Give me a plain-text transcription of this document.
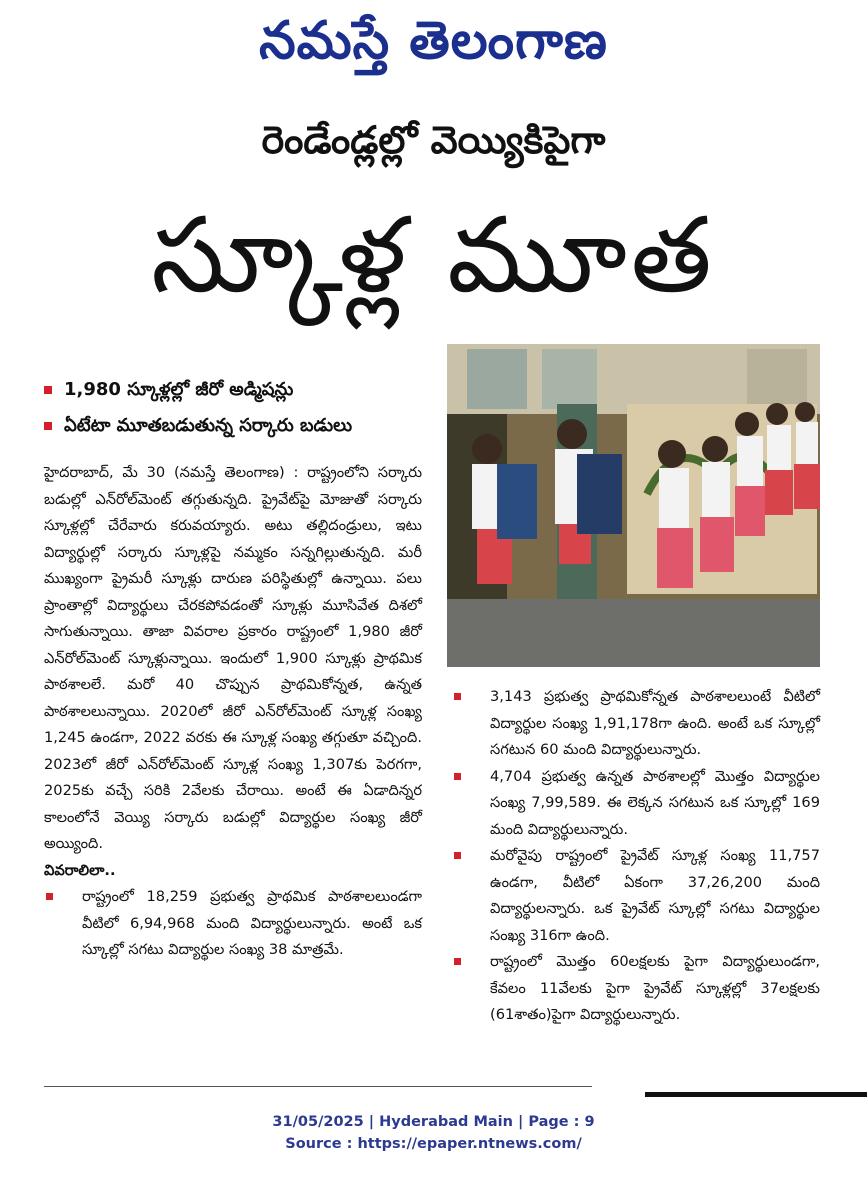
నమస్తే తెలంగాణ
రెండేండ్లల్లో వెయ్యికిపైగా
స్కూళ్ల మూత
1,980 స్కూళ్లల్లో జీరో అడ్మిషన్లు
ఏటేటా మూతబడుతున్న సర్కారు బడులు

హైదరాబాద్, మే 30 (నమస్తే తెలంగాణ) : రాష్ట్రంలోని సర్కారు బడుల్లో ఎన్‌రోల్‌మెంట్ తగ్గుతున్నది. ప్రైవేట్‌పై మోజుతో సర్కారు స్కూళ్లల్లో చేరేవారు కరువయ్యారు. అటు తల్లిదండ్రులు, ఇటు విద్యార్థుల్లో సర్కారు స్కూళ్లపై నమ్మకం సన్నగిల్లుతున్నది. మరీ ముఖ్యంగా ప్రైమరీ స్కూళ్లు దారుణ పరిస్థితుల్లో ఉన్నాయి. పలు ప్రాంతాల్లో విద్యార్థులు చేరకపోవడంతో స్కూళ్లు మూసివేత దిశలో సాగుతున్నాయి. తాజా వివరాల ప్రకారం రాష్ట్రంలో 1,980 జీరో ఎన్‌రోల్‌మెంట్ స్కూళ్లున్నాయి. ఇందులో 1,900 స్కూళ్లు ప్రాథమిక పాఠశాలలే. మరో 40 చొప్పున ప్రాథమికోన్నత, ఉన్నత పాఠశాలలున్నాయి. 2020లో జీరో ఎన్‌రోల్‌మెంట్ స్కూళ్ల సంఖ్య 1,245 ఉండగా, 2022 వరకు ఈ స్కూళ్ల సంఖ్య తగ్గుతూ వచ్చింది. 2023లో జీరో ఎన్‌రోల్‌మెంట్ స్కూళ్ల సంఖ్య 1,307కు పెరగగా, 2025కు వచ్చే సరికి 2వేలకు చేరాయి. అంటే ఈ ఏడాదిన్నర కాలంలోనే వెయ్యి సర్కారు బడుల్లో విద్యార్థుల సంఖ్య జీరో అయ్యింది.

వివరాలిలా..

రాష్ట్రంలో 18,259 ప్రభుత్వ ప్రాథమిక పాఠశాలలుండగా వీటిలో 6,94,968 మంది విద్యార్థులున్నారు. అంటే ఒక స్కూల్లో సగటు విద్యార్థుల సంఖ్య 38 మాత్రమే.

3,143 ప్రభుత్వ ప్రాథమికోన్నత పాఠశాలలుంటే వీటిలో విద్యార్థుల సంఖ్య 1,91,178గా ఉంది. అంటే ఒక స్కూల్లో సగటున 60 మంది విద్యార్థులున్నారు.

4,704 ప్రభుత్వ ఉన్నత పాఠశాలల్లో మొత్తం విద్యార్థుల సంఖ్య 7,99,589. ఈ లెక్కన సగటున ఒక స్కూల్లో 169 మంది విద్యార్థులున్నారు.

మరోవైపు రాష్ట్రంలో ప్రైవేట్ స్కూళ్ల సంఖ్య 11,757 ఉండగా, వీటిలో ఏకంగా 37,26,200 మంది విద్యార్థులన్నారు. ఒక ప్రైవేట్ స్కూల్లో సగటు విద్యార్థుల సంఖ్య 316గా ఉంది.

రాష్ట్రంలో మొత్తం 60లక్షలకు పైగా విద్యార్థులుండగా, కేవలం 11వేలకు పైగా ప్రైవేట్ స్కూళ్లల్లో 37లక్షలకు (61శాతం)పైగా విద్యార్థులున్నారు.

31/05/2025 | Hyderabad Main | Page : 9
Source : https://epaper.ntnews.com/
